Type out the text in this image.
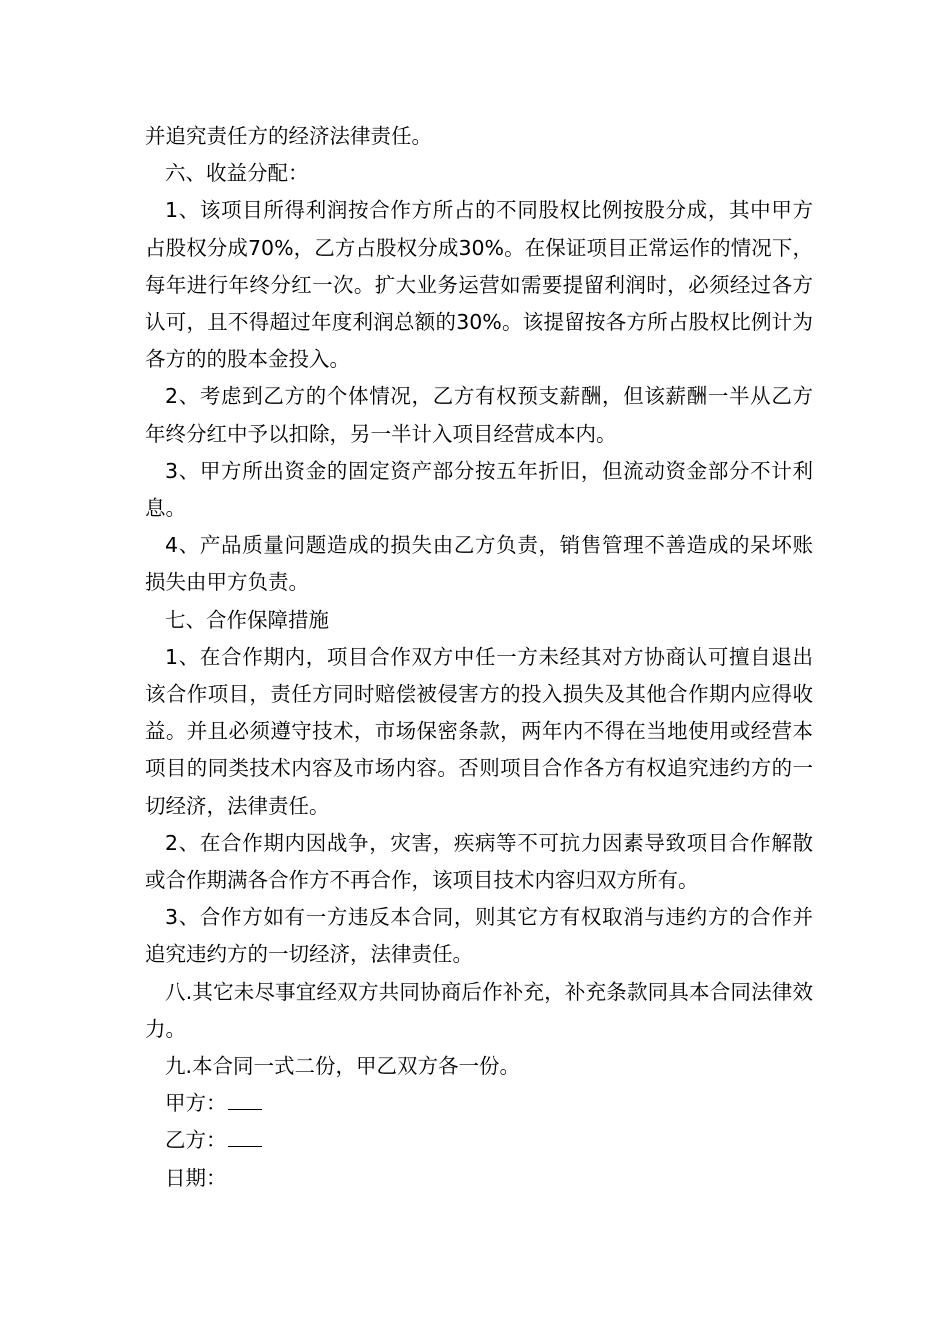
并追究责任方的经济法律责任。

六、收益分配：

1、该项目所得利润按合作方所占的不同股权比例按股分成，其中甲方占股权分成70%，乙方占股权分成30%。在保证项目正常运作的情况下，每年进行年终分红一次。扩大业务运营如需要提留利润时，必须经过各方认可，且不得超过年度利润总额的30%。该提留按各方所占股权比例计为各方的的股本金投入。

2、考虑到乙方的个体情况，乙方有权预支薪酬，但该薪酬一半从乙方年终分红中予以扣除，另一半计入项目经营成本内。

3、甲方所出资金的固定资产部分按五年折旧，但流动资金部分不计利息。

4、产品质量问题造成的损失由乙方负责，销售管理不善造成的呆坏账损失由甲方负责。

七、合作保障措施

1、在合作期内，项目合作双方中任一方未经其对方协商认可擅自退出该合作项目，责任方同时赔偿被侵害方的投入损失及其他合作期内应得收益。并且必须遵守技术，市场保密条款，两年内不得在当地使用或经营本项目的同类技术内容及市场内容。否则项目合作各方有权追究违约方的一切经济，法律责任。

2、在合作期内因战争，灾害，疾病等不可抗力因素导致项目合作解散或合作期满各合作方不再合作，该项目技术内容归双方所有。

3、合作方如有一方违反本合同，则其它方有权取消与违约方的合作并追究违约方的一切经济，法律责任。

八.其它未尽事宜经双方共同协商后作补充，补充条款同具本合同法律效力。

九.本合同一式二份，甲乙双方各一份。

甲方：

乙方：

日期：
